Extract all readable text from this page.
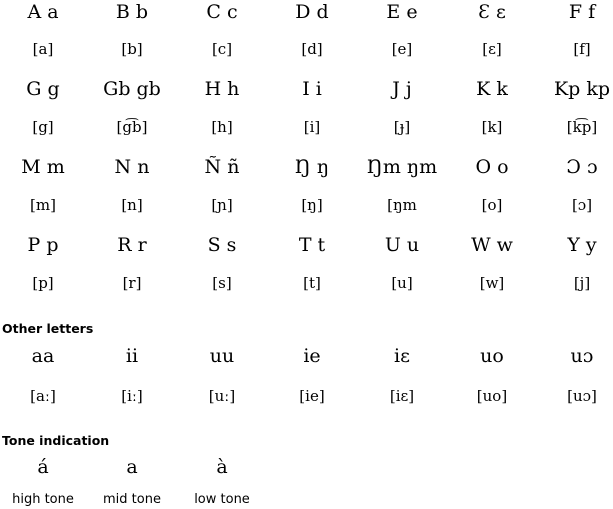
A a
[a]
B b
[b]
C c
[c]
D d
[d]
E e
[e]
Ɛ ɛ
[ɛ]
F f
[f]
G g
[g]
Gb gb
[g͡b]
H h
[h]
I i
[i]
J j
[ɟ]
K k
[k]
Kp kp
[k͡p]
M m
[m]
N n
[n]
Ñ ñ
[ɲ]
Ŋ ŋ
[ŋ]
Ŋm ŋm
[ŋm
O o
[o]
Ɔ ɔ
[ɔ]
P p
[p]
R r
[r]
S s
[s]
T t
[t]
U u
[u]
W w
[w]
Y y
[j]
Other letters
aa
[aː]
ii
[iː]
uu
[uː]
ie
[ie]
iɛ
[iɛ]
uo
[uo]
uɔ
[uɔ]
Tone indication
á
high tone
a
mid tone
à
low tone
